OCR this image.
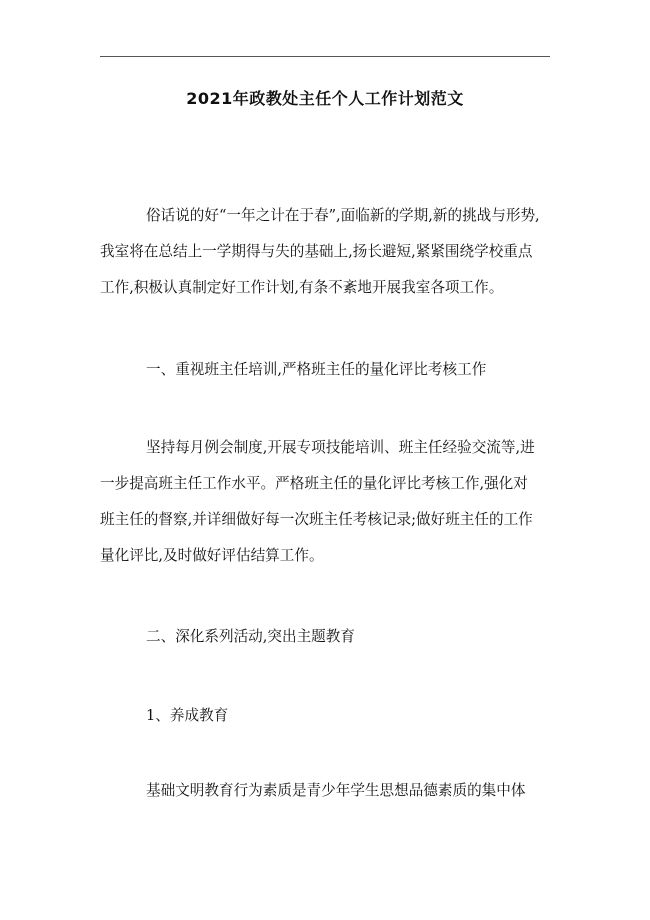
2021年政教处主任个人工作计划范文
俗话说的好“一年之计在于春”,面临新的学期,新的挑战与形势,
我室将在总结上一学期得与失的基础上,扬长避短,紧紧围绕学校重点
工作,积极认真制定好工作计划,有条不紊地开展我室各项工作。
一、重视班主任培训,严格班主任的量化评比考核工作
坚持每月例会制度,开展专项技能培训、班主任经验交流等,进
一步提高班主任工作水平。严格班主任的量化评比考核工作,强化对
班主任的督察,并详细做好每一次班主任考核记录;做好班主任的工作
量化评比,及时做好评估结算工作。
二、深化系列活动,突出主题教育
1、养成教育
基础文明教育行为素质是青少年学生思想品德素质的集中体
